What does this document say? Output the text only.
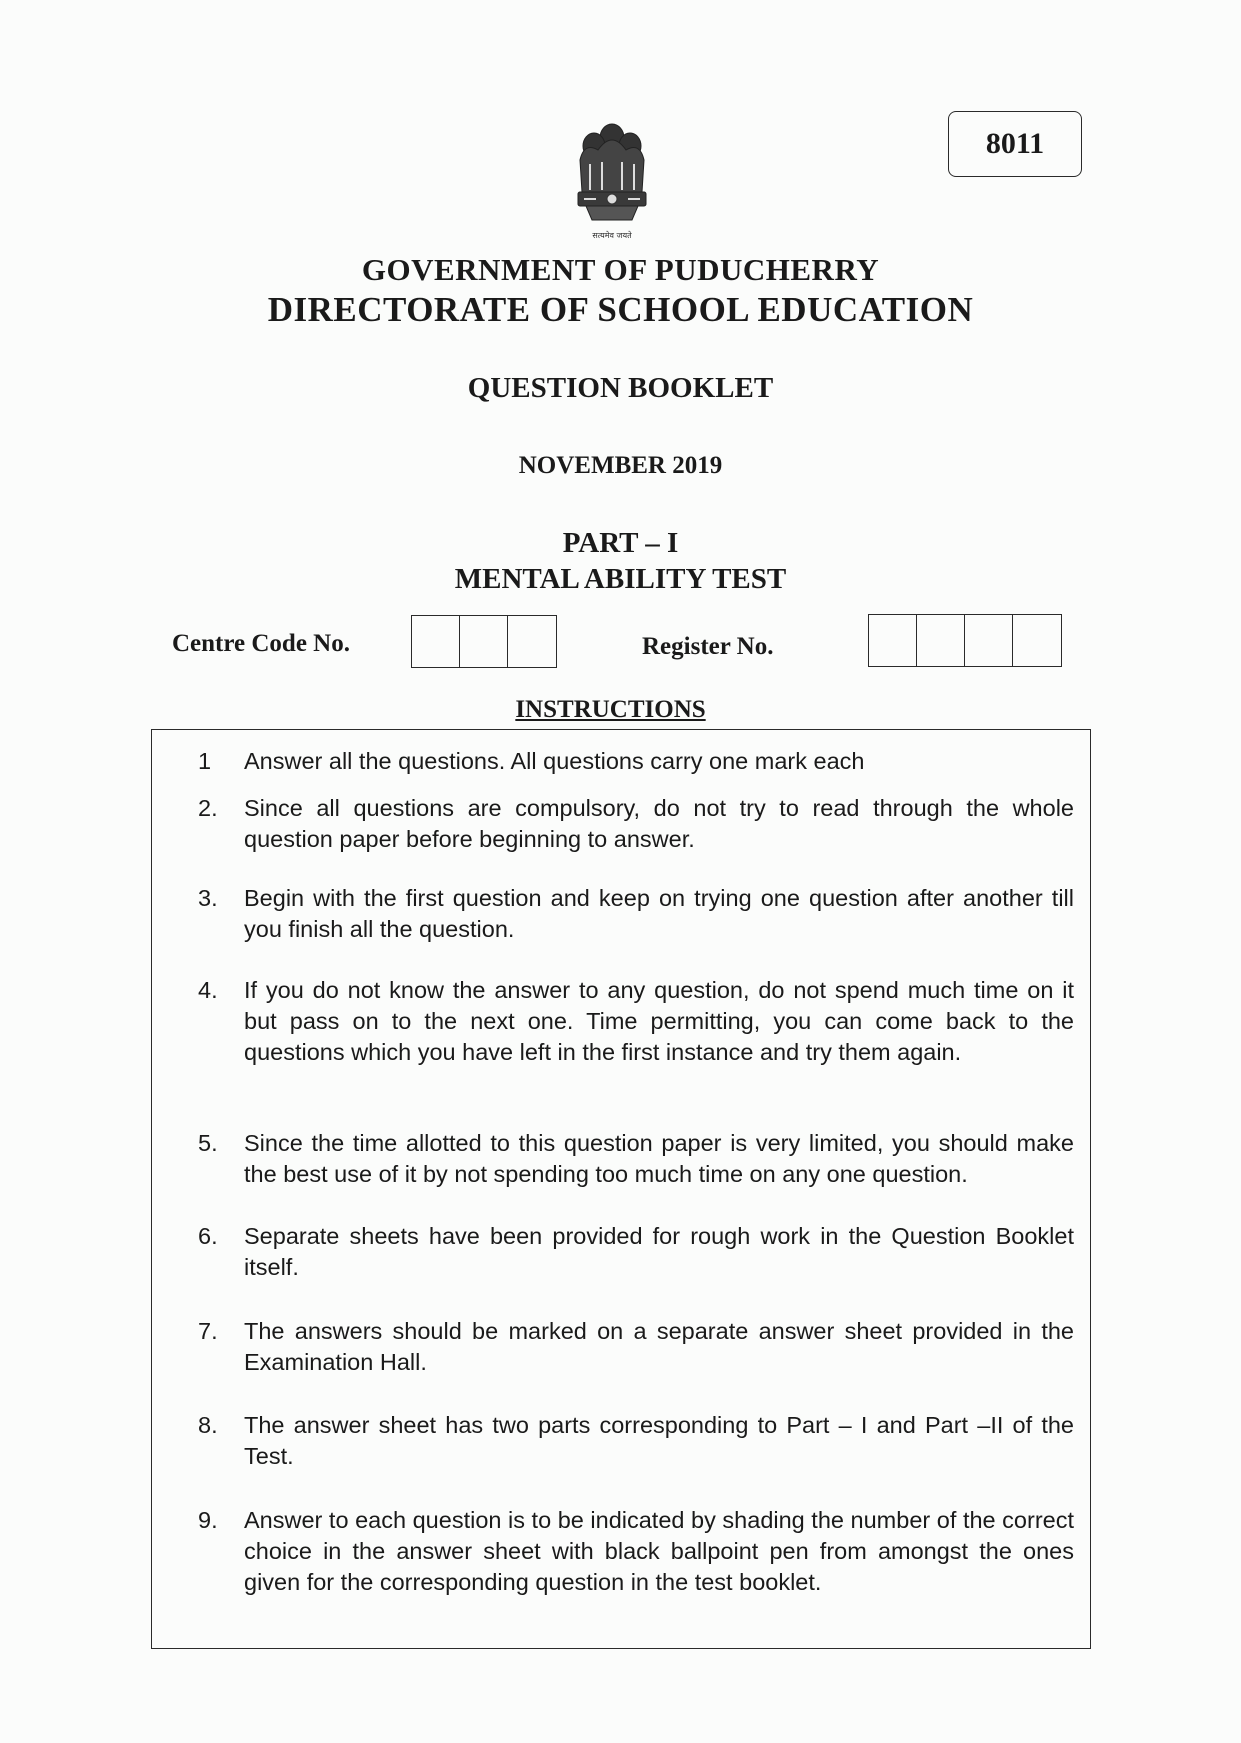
8011
सत्यमेव जयते
GOVERNMENT OF PUDUCHERRY
DIRECTORATE OF SCHOOL EDUCATION
QUESTION BOOKLET
NOVEMBER 2019
PART – I
MENTAL ABILITY TEST
Centre Code No.	Register No.
INSTRUCTIONS
1 Answer all the questions. All questions carry one mark each
2. Since all questions are compulsory, do not try to read through the whole question paper before beginning to answer.
3. Begin with the first question and keep on trying one question after another till you finish all the question.
4. If you do not know the answer to any question, do not spend much time on it but pass on to the next one. Time permitting, you can come back to the questions which you have left in the first instance and try them again.
5. Since the time allotted to this question paper is very limited, you should make the best use of it by not spending too much time on any one question.
6. Separate sheets have been provided for rough work in the Question Booklet itself.
7. The answers should be marked on a separate answer sheet provided in the Examination Hall.
8. The answer sheet has two parts corresponding to Part – I and Part –II of the Test.
9. Answer to each question is to be indicated by shading the number of the correct choice in the answer sheet with black ballpoint pen from amongst the ones given for the corresponding question in the test booklet.
